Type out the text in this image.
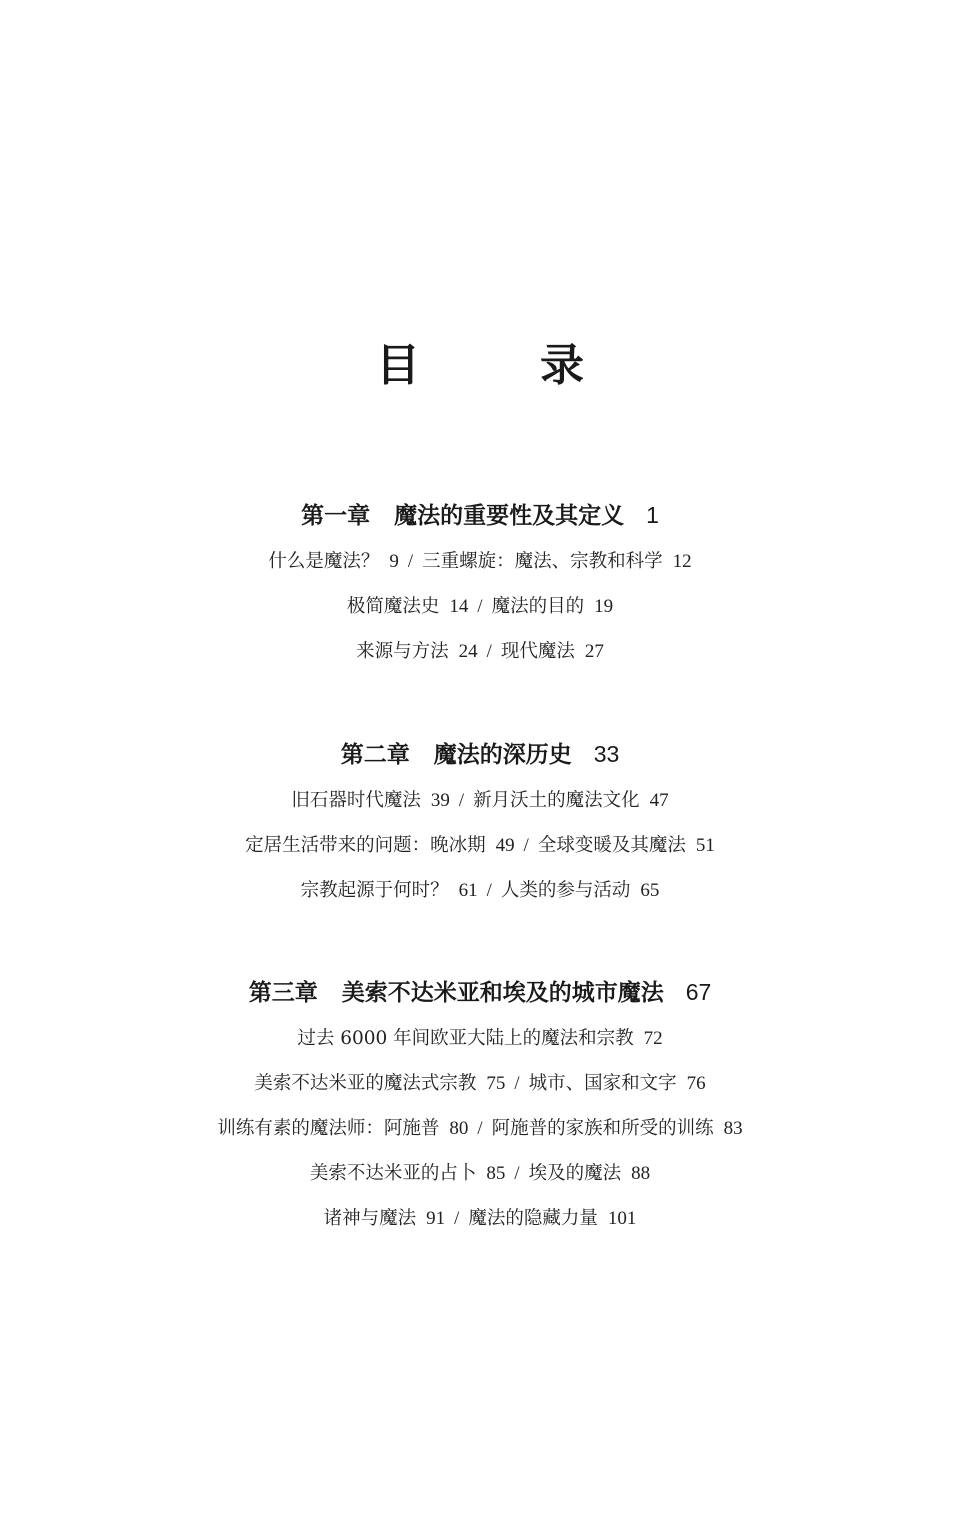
目　录
第一章 魔法的重要性及其定义 1
什么是魔法？ 9 / 三重螺旋：魔法、宗教和科学 12
极简魔法史 14 / 魔法的目的 19
来源与方法 24 / 现代魔法 27
第二章 魔法的深历史 33
旧石器时代魔法 39 / 新月沃土的魔法文化 47
定居生活带来的问题：晚冰期 49 / 全球变暖及其魔法 51
宗教起源于何时？ 61 / 人类的参与活动 65
第三章 美索不达米亚和埃及的城市魔法 67
过去 6000 年间欧亚大陆上的魔法和宗教 72
美索不达米亚的魔法式宗教 75 / 城市、国家和文字 76
训练有素的魔法师：阿施普 80 / 阿施普的家族和所受的训练 83
美索不达米亚的占卜 85 / 埃及的魔法 88
诸神与魔法 91 / 魔法的隐藏力量 101
